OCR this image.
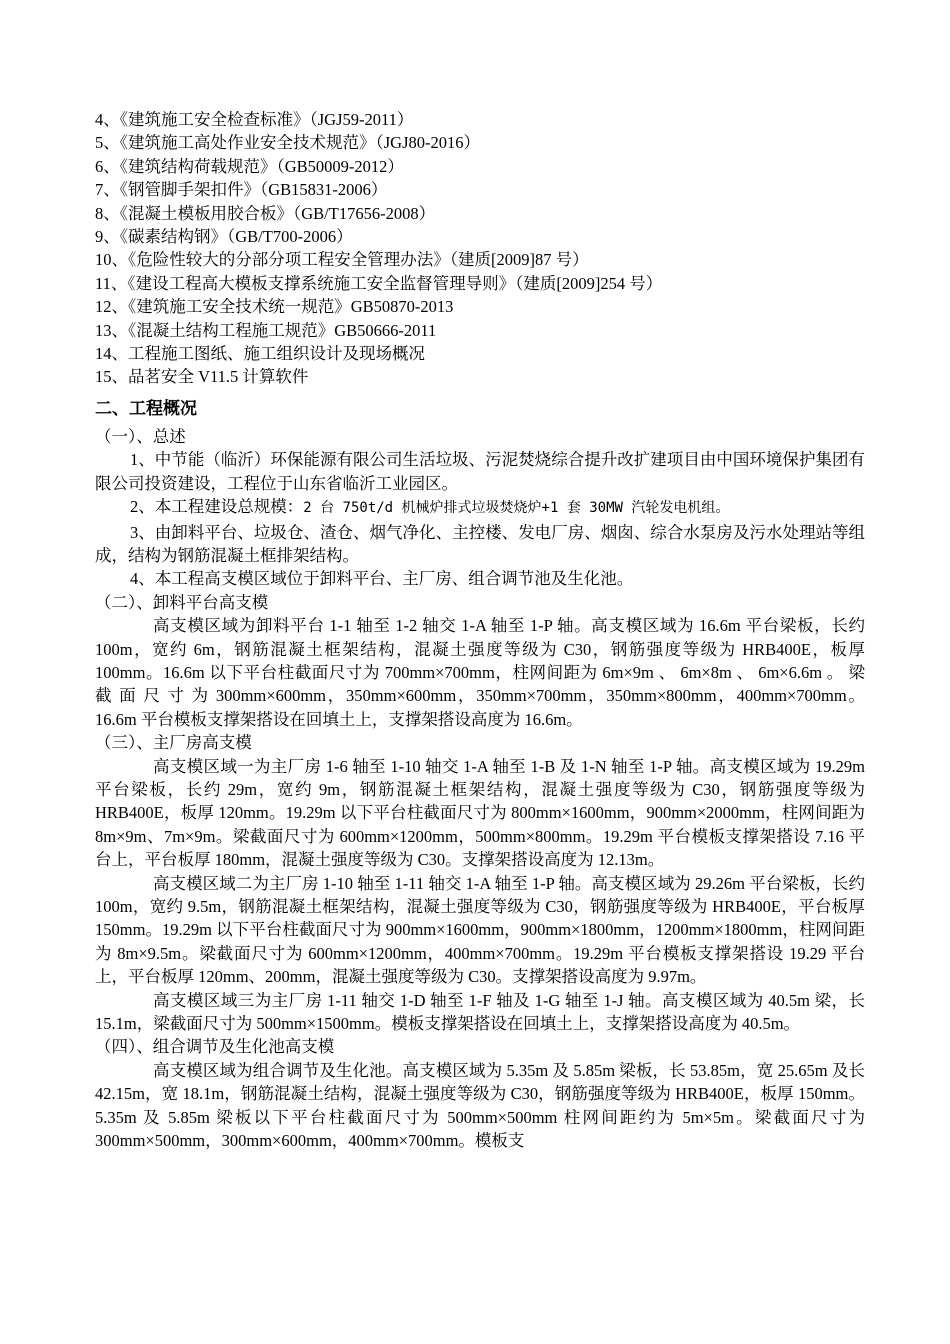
4、《建筑施工安全检查标准》（JGJ59-2011）
5、《建筑施工高处作业安全技术规范》（JGJ80-2016）
6、《建筑结构荷载规范》（GB50009-2012）
7、《钢管脚手架扣件》（GB15831-2006）
8、《混凝土模板用胶合板》（GB/T17656-2008）
9、《碳素结构钢》（GB/T700-2006）
10、《危险性较大的分部分项工程安全管理办法》（建质[2009]87 号）
11、《建设工程高大模板支撑系统施工安全监督管理导则》（建质[2009]254 号）
12、《建筑施工安全技术统一规范》GB50870-2013
13、《混凝土结构工程施工规范》GB50666-2011
14、工程施工图纸、施工组织设计及现场概况
15、品茗安全 V11.5 计算软件
二、工程概况
（一）、总述
1、中节能（临沂）环保能源有限公司生活垃圾、污泥焚烧综合提升改扩建项目由中国环境保护集团有限公司投资建设，工程位于山东省临沂工业园区。
2、本工程建设总规模：2 台 750t/d 机械炉排式垃圾焚烧炉+1 套 30MW 汽轮发电机组。
3、由卸料平台、垃圾仓、渣仓、烟气净化、主控楼、发电厂房、烟囱、综合水泵房及污水处理站等组成，结构为钢筋混凝土框排架结构。
4、本工程高支模区域位于卸料平台、主厂房、组合调节池及生化池。
（二）、卸料平台高支模
高支模区域为卸料平台 1-1 轴至 1-2 轴交 1-A 轴至 1-P 轴。高支模区域为 16.6m 平台梁板，长约 100m，宽约 6m，钢筋混凝土框架结构，混凝土强度等级为 C30，钢筋强度等级为 HRB400E，板厚 100mm。16.6m 以下平台柱截面尺寸为 700mm×700mm，柱网间距为 6m×9m 、 6m×8m 、 6m×6.6m 。 梁 截 面 尺 寸 为 300mm×600mm，350mm×600mm，350mm×700mm，350mm×800mm，400mm×700mm。16.6m 平台模板支撑架搭设在回填土上，支撑架搭设高度为 16.6m。
（三）、主厂房高支模
高支模区域一为主厂房 1-6 轴至 1-10 轴交 1-A 轴至 1-B 及 1-N 轴至 1-P 轴。高支模区域为 19.29m 平台梁板，长约 29m，宽约 9m，钢筋混凝土框架结构，混凝土强度等级为 C30，钢筋强度等级为 HRB400E，板厚 120mm。19.29m 以下平台柱截面尺寸为 800mm×1600mm，900mm×2000mm，柱网间距为 8m×9m、7m×9m。梁截面尺寸为 600mm×1200mm，500mm×800mm。19.29m 平台模板支撑架搭设 7.16 平台上，平台板厚 180mm，混凝土强度等级为 C30。支撑架搭设高度为 12.13m。
高支模区域二为主厂房 1-10 轴至 1-11 轴交 1-A 轴至 1-P 轴。高支模区域为 29.26m 平台梁板，长约 100m，宽约 9.5m，钢筋混凝土框架结构，混凝土强度等级为 C30，钢筋强度等级为 HRB400E，平台板厚 150mm。19.29m 以下平台柱截面尺寸为 900mm×1600mm，900mm×1800mm，1200mm×1800mm，柱网间距为 8m×9.5m。梁截面尺寸为 600mm×1200mm，400mm×700mm。19.29m 平台模板支撑架搭设 19.29 平台上，平台板厚 120mm、200mm，混凝土强度等级为 C30。支撑架搭设高度为 9.97m。
高支模区域三为主厂房 1-11 轴交 1-D 轴至 1-F 轴及 1-G 轴至 1-J 轴。高支模区域为 40.5m 梁，长 15.1m，梁截面尺寸为 500mm×1500mm。模板支撑架搭设在回填土上，支撑架搭设高度为 40.5m。
（四）、组合调节及生化池高支模
高支模区域为组合调节及生化池。高支模区域为 5.35m 及 5.85m 梁板，长 53.85m，宽 25.65m 及长 42.15m，宽 18.1m，钢筋混凝土结构，混凝土强度等级为 C30，钢筋强度等级为 HRB400E，板厚 150mm。5.35m 及 5.85m 梁板以下平台柱截面尺寸为 500mm×500mm 柱网间距约为 5m×5m。梁截面尺寸为 300mm×500mm，300mm×600mm，400mm×700mm。模板支
